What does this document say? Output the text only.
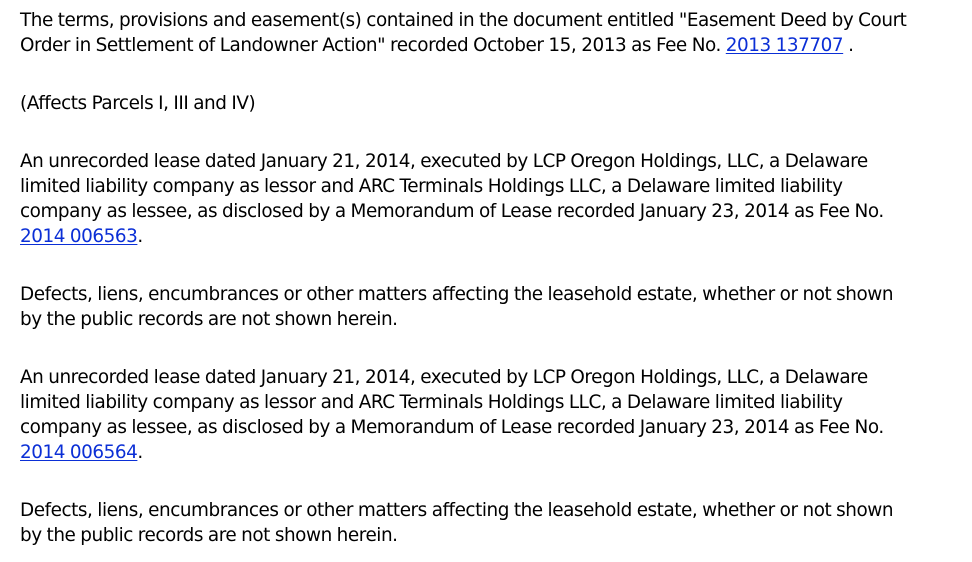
The terms, provisions and easement(s) contained in the document entitled "Easement Deed by Court
Order in Settlement of Landowner Action" recorded October 15, 2013 as Fee No. 2013 137707 .

(Affects Parcels I, III and IV)

An unrecorded lease dated January 21, 2014, executed by LCP Oregon Holdings, LLC, a Delaware
limited liability company as lessor and ARC Terminals Holdings LLC, a Delaware limited liability
company as lessee, as disclosed by a Memorandum of Lease recorded January 23, 2014 as Fee No.
2014 006563.

Defects, liens, encumbrances or other matters affecting the leasehold estate, whether or not shown
by the public records are not shown herein.

An unrecorded lease dated January 21, 2014, executed by LCP Oregon Holdings, LLC, a Delaware
limited liability company as lessor and ARC Terminals Holdings LLC, a Delaware limited liability
company as lessee, as disclosed by a Memorandum of Lease recorded January 23, 2014 as Fee No.
2014 006564.

Defects, liens, encumbrances or other matters affecting the leasehold estate, whether or not shown
by the public records are not shown herein.
